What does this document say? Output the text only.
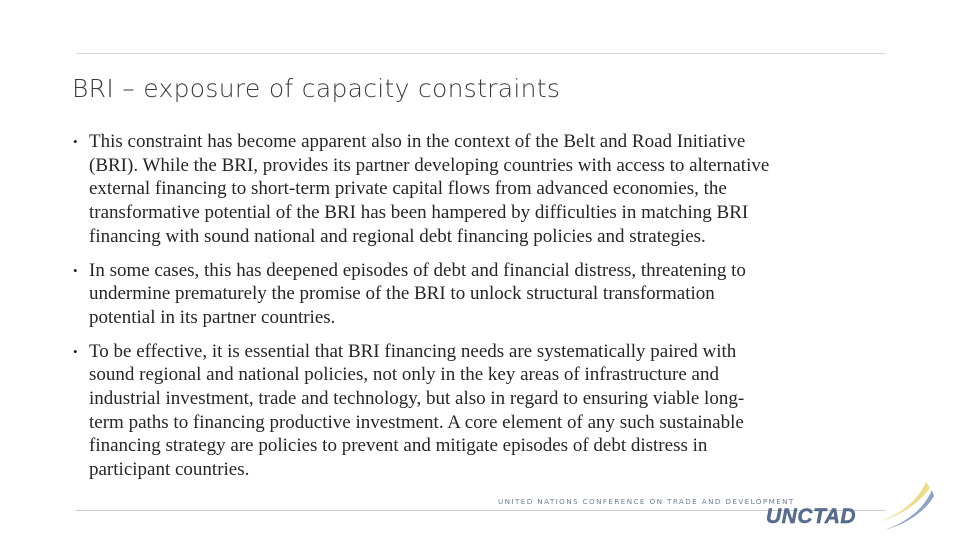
BRI – exposure of capacity constraints
• This constraint has become apparent also in the context of the Belt and Road Initiative
(BRI). While the BRI, provides its partner developing countries with access to alternative
external financing to short-term private capital flows from advanced economies, the
transformative potential of the BRI has been hampered by difficulties in matching BRI
financing with sound national and regional debt financing policies and strategies.
• In some cases, this has deepened episodes of debt and financial distress, threatening to
undermine prematurely the promise of the BRI to unlock structural transformation
potential in its partner countries.
• To be effective, it is essential that BRI financing needs are systematically paired with
sound regional and national policies, not only in the key areas of infrastructure and
industrial investment, trade and technology, but also in regard to ensuring viable long-
term paths to financing productive investment. A core element of any such sustainable
financing strategy are policies to prevent and mitigate episodes of debt distress in
participant countries.
UNITED NATIONS CONFERENCE ON TRADE AND DEVELOPMENT
UNCTAD
